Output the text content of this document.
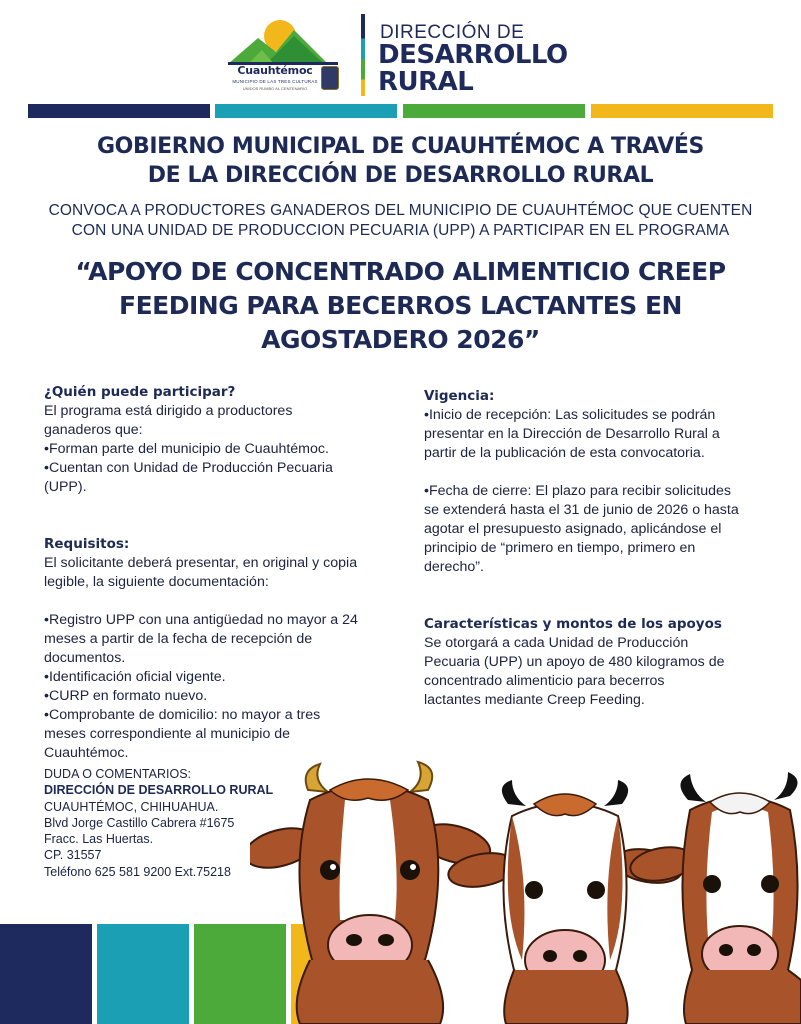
Cuauhtémoc
MUNICIPIO DE LAS TRES CULTURAS
UNIDOS RUMBO AL CENTENARIO
DIRECCIÓN DE
DESARROLLO
RURAL
GOBIERNO MUNICIPAL DE CUAUHTÉMOC A TRAVÉS
DE LA DIRECCIÓN DE DESARROLLO RURAL
CONVOCA A PRODUCTORES GANADEROS DEL MUNICIPIO DE CUAUHTÉMOC QUE CUENTEN
CON UNA UNIDAD DE PRODUCCION PECUARIA (UPP) A PARTICIPAR EN EL PROGRAMA
“APOYO DE CONCENTRADO ALIMENTICIO CREEP
FEEDING PARA BECERROS LACTANTES EN
AGOSTADERO 2026”
¿Quién puede participar?
El programa está dirigido a productores
ganaderos que:
•Forman parte del municipio de Cuauhtémoc.
•Cuentan con Unidad de Producción Pecuaria
(UPP).
Requisitos:
El solicitante deberá presentar, en original y copia
legible, la siguiente documentación:
•Registro UPP con una antigüedad no mayor a 24
meses a partir de la fecha de recepción de
documentos.
•Identificación oficial vigente.
•CURP en formato nuevo.
•Comprobante de domicilio: no mayor a tres
meses correspondiente al municipio de
Cuauhtémoc.
Vigencia:
•Inicio de recepción: Las solicitudes se podrán
presentar en la Dirección de Desarrollo Rural a
partir de la publicación de esta convocatoria.
•Fecha de cierre: El plazo para recibir solicitudes
se extenderá hasta el 31 de junio de 2026 o hasta
agotar el presupuesto asignado, aplicándose el
principio de “primero en tiempo, primero en
derecho”.
Características y montos de los apoyos
Se otorgará a cada Unidad de Producción
Pecuaria (UPP) un apoyo de 480 kilogramos de
concentrado alimenticio para becerros
lactantes mediante Creep Feeding.
DUDA O COMENTARIOS:
DIRECCIÓN DE DESARROLLO RURAL
CUAUHTÉMOC, CHIHUAHUA.
Blvd Jorge Castillo Cabrera #1675
Fracc. Las Huertas.
CP. 31557
Teléfono 625 581 9200 Ext.75218
